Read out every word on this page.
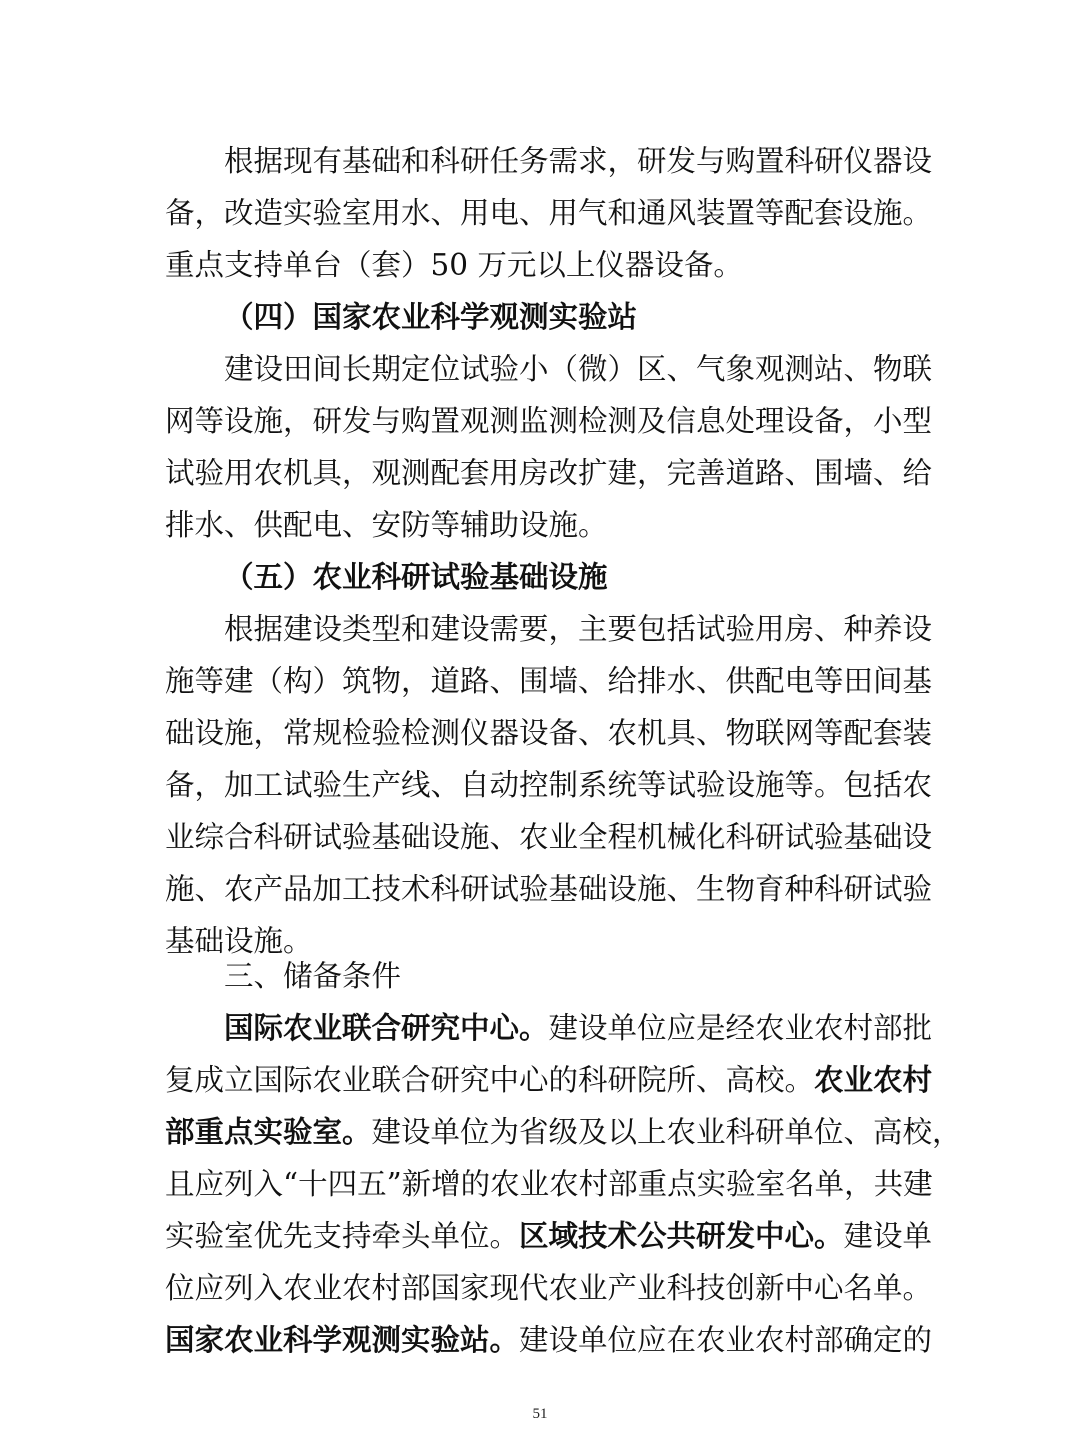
根据现有基础和科研任务需求，研发与购置科研仪器设
备，改造实验室用水、用电、用气和通风装置等配套设施。
重点支持单台（套）50 万元以上仪器设备。
（四）国家农业科学观测实验站
建设田间长期定位试验小（微）区、气象观测站、物联
网等设施，研发与购置观测监测检测及信息处理设备，小型
试验用农机具，观测配套用房改扩建，完善道路、围墙、给
排水、供配电、安防等辅助设施。
（五）农业科研试验基础设施
根据建设类型和建设需要，主要包括试验用房、种养设
施等建（构）筑物，道路、围墙、给排水、供配电等田间基
础设施，常规检验检测仪器设备、农机具、物联网等配套装
备，加工试验生产线、自动控制系统等试验设施等。包括农
业综合科研试验基础设施、农业全程机械化科研试验基础设
施、农产品加工技术科研试验基础设施、生物育种科研试验
基础设施。
三、储备条件
国际农业联合研究中心。建设单位应是经农业农村部批
复成立国际农业联合研究中心的科研院所、高校。农业农村
部重点实验室。建设单位为省级及以上农业科研单位、高校，
且应列入“十四五”新增的农业农村部重点实验室名单，共建
实验室优先支持牵头单位。区域技术公共研发中心。建设单
位应列入农业农村部国家现代农业产业科技创新中心名单。
国家农业科学观测实验站。建设单位应在农业农村部确定的
51
